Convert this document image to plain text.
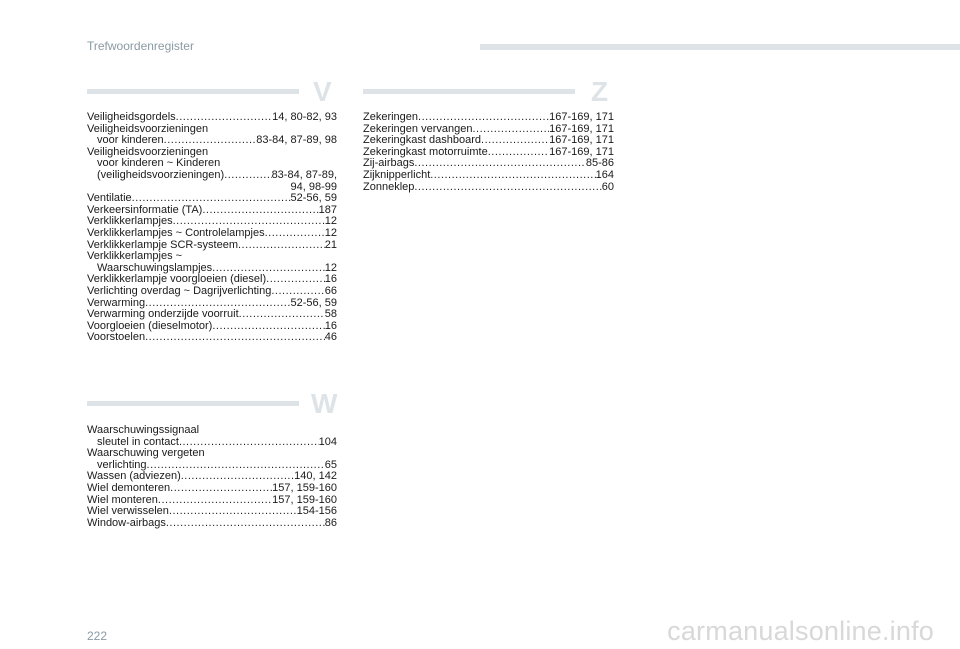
Trefwoordenregister
V
Veiligheidsgordels .....	14, 80-82, 93
Veiligheidsvoorzieningen
voor kinderen .....	83-84, 87-89, 98
Veiligheidsvoorzieningen
voor kinderen ~ Kinderen
(veiligheidsvoorzieningen) .....	83-84, 87-89,
94, 98-99
Ventilatie .....	52-56, 59
Verkeersinformatie (TA) .....	187
Verklikkerlampjes .....	12
Verklikkerlampjes ~ Controlelampjes .....	12
Verklikkerlampje SCR-systeem .....	21
Verklikkerlampjes ~
Waarschuwingslampjes .....	12
Verklikkerlampje voorgloeien (diesel) .....	16
Verlichting overdag ~ Dagrijverlichting .....	66
Verwarming .....	52-56, 59
Verwarming onderzijde voorruit .....	58
Voorgloeien (dieselmotor) .....	16
Voorstoelen .....	46
W
Waarschuwingssignaal
sleutel in contact .....	104
Waarschuwing vergeten
verlichting .....	65
Wassen (adviezen) .....	140, 142
Wiel demonteren .....	157, 159-160
Wiel monteren .....	157, 159-160
Wiel verwisselen .....	154-156
Window-airbags .....	86
Z
Zekeringen .....	167-169, 171
Zekeringen vervangen .....	167-169, 171
Zekeringkast dashboard .....	167-169, 171
Zekeringkast motorruimte .....	167-169, 171
Zij-airbags .....	85-86
Zijknipperlicht .....	164
Zonneklep .....	60
222	carmanualsonline.info
